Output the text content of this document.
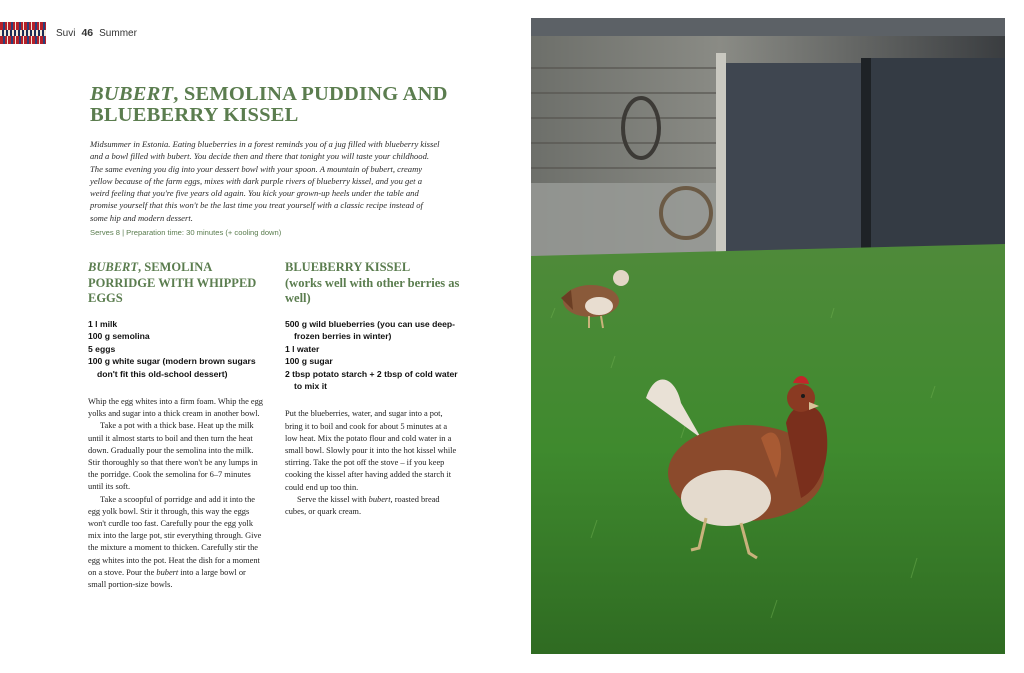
Suvi 46 Summer
BUBERT, SEMOLINA PUDDING AND BLUEBERRY KISSEL

Midsummer in Estonia. Eating blueberries in a forest reminds you of a jug filled with blueberry kissel and a bowl filled with bubert. You decide then and there that tonight you will taste your childhood. The same evening you dig into your dessert bowl with your spoon. A mountain of bubert, creamy yellow because of the farm eggs, mixes with dark purple rivers of blueberry kissel, and you get a weird feeling that you're five years old again. You kick your grown-up heels under the table and promise yourself that this won't be the last time you treat yourself with a classic recipe instead of some hip and modern dessert.

Serves 8 | Preparation time: 30 minutes (+ cooling down)

BUBERT, SEMOLINA PORRIDGE WITH WHIPPED EGGS
1 l milk
100 g semolina
5 eggs
100 g white sugar (modern brown sugars don't fit this old-school dessert)

Whip the egg whites into a firm foam. Whip the egg yolks and sugar into a thick cream in another bowl.

Take a pot with a thick base. Heat up the milk until it almost starts to boil and then turn the heat down. Gradually pour the semolina into the milk. Stir thoroughly so that there won't be any lumps in the porridge. Cook the semolina for 6–7 minutes until its soft.

Take a scoopful of porridge and add it into the egg yolk bowl. Stir it through, this way the eggs won't curdle too fast. Carefully pour the egg yolk mix into the large pot, stir everything through. Give the mixture a moment to thicken. Carefully stir the egg whites into the pot. Heat the dish for a moment on a stove. Pour the bubert into a large bowl or small portion-size bowls.

BLUEBERRY KISSEL
(works well with other berries as well)
500 g wild blueberries (you can use deep-frozen berries in winter)
1 l water
100 g sugar
2 tbsp potato starch + 2 tbsp of cold water to mix it

Put the blueberries, water, and sugar into a pot, bring it to boil and cook for about 5 minutes at a low heat. Mix the potato flour and cold water in a small bowl. Slowly pour it into the hot kissel while stirring. Take the pot off the stove – if you keep cooking the kissel after having added the starch it could end up too thin.

Serve the kissel with bubert, roasted bread cubes, or quark cream.
